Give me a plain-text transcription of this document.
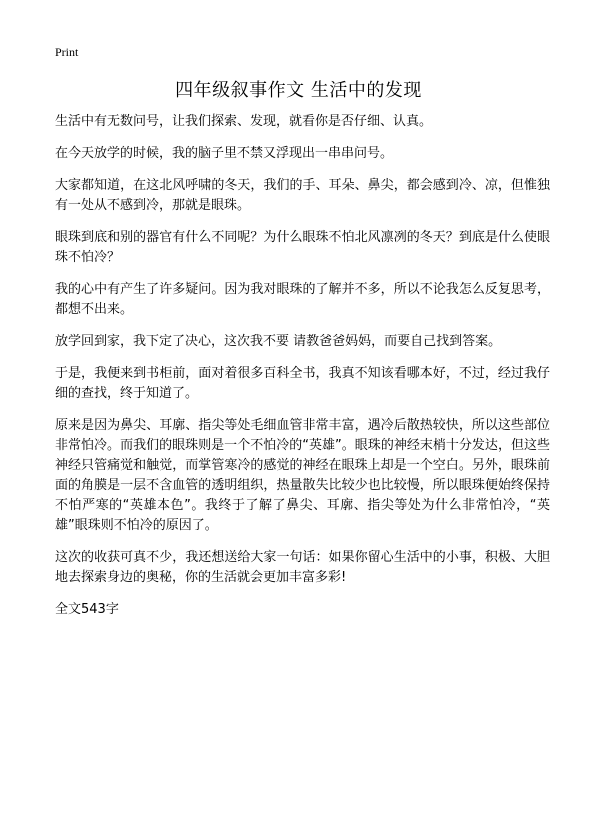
Print
四年级叙事作文 生活中的发现

生活中有无数问号，让我们探索、发现，就看你是否仔细、认真。

在今天放学的时候，我的脑子里不禁又浮现出一串串问号。

大家都知道，在这北风呼啸的冬天，我们的手、耳朵、鼻尖，都会感到冷、凉，但惟独有一处从不感到冷，那就是眼珠。

眼珠到底和别的器官有什么不同呢？为什么眼珠不怕北风凛冽的冬天？到底是什么使眼珠不怕冷？

我的心中有产生了许多疑问。因为我对眼珠的了解并不多，所以不论我怎么反复思考，都想不出来。

放学回到家，我下定了决心，这次我不要 请教爸爸妈妈，而要自己找到答案。

于是，我便来到书柜前，面对着很多百科全书，我真不知该看哪本好，不过，经过我仔细的查找，终于知道了。

原来是因为鼻尖、耳廓、指尖等处毛细血管非常丰富，遇冷后散热较快，所以这些部位非常怕冷。而我们的眼珠则是一个不怕冷的“英雄”。眼珠的神经末梢十分发达，但这些神经只管痛觉和触觉，而掌管寒冷的感觉的神经在眼珠上却是一个空白。另外，眼珠前面的角膜是一层不含血管的透明组织，热量散失比较少也比较慢，所以眼珠便始终保持不怕严寒的“英雄本色”。我终于了解了鼻尖、耳廓、指尖等处为什么非常怕冷，“英雄”眼珠则不怕冷的原因了。

这次的收获可真不少，我还想送给大家一句话：如果你留心生活中的小事，积极、大胆地去探索身边的奥秘，你的生活就会更加丰富多彩!

全文543字
